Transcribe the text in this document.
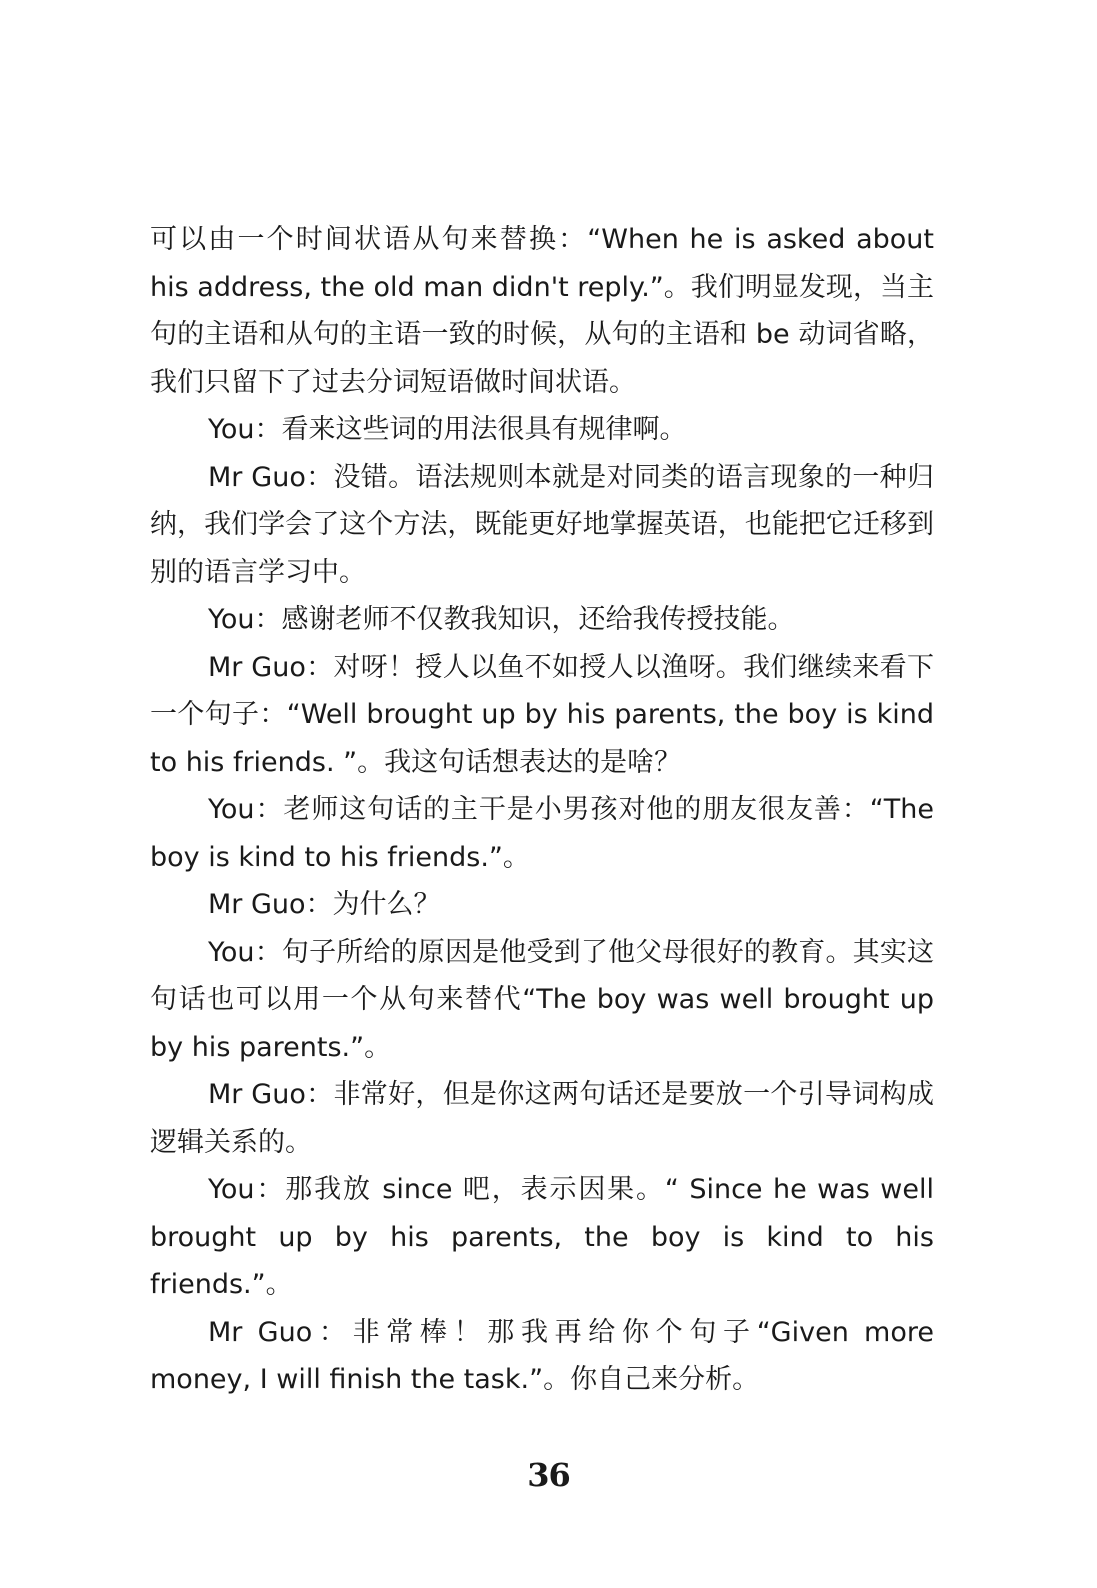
可以由一个时间状语从句来替换：“When he is asked about his address, the old man didn't reply.”。我们明显发现，当主句的主语和从句的主语一致的时候，从句的主语和 be 动词省略，我们只留下了过去分词短语做时间状语。

You：看来这些词的用法很具有规律啊。

Mr Guo：没错。语法规则本就是对同类的语言现象的一种归纳，我们学会了这个方法，既能更好地掌握英语，也能把它迁移到别的语言学习中。

You：感谢老师不仅教我知识，还给我传授技能。

Mr Guo：对呀！授人以鱼不如授人以渔呀。我们继续来看下一个句子：“Well brought up by his parents, the boy is kind to his friends. ”。我这句话想表达的是啥？

You：老师这句话的主干是小男孩对他的朋友很友善：“The boy is kind to his friends.”。

Mr Guo：为什么？

You：句子所给的原因是他受到了他父母很好的教育。其实这句话也可以用一个从句来替代“The boy was well brought up by his parents.”。

Mr Guo：非常好，但是你这两句话还是要放一个引导词构成逻辑关系的。

You：那我放 since 吧，表示因果。“ Since he was well brought up by his parents, the boy is kind to his friends.”。

Mr Guo：非常棒！那我再给你个句子“Given more money, I will finish the task.”。你自己来分析。

36
